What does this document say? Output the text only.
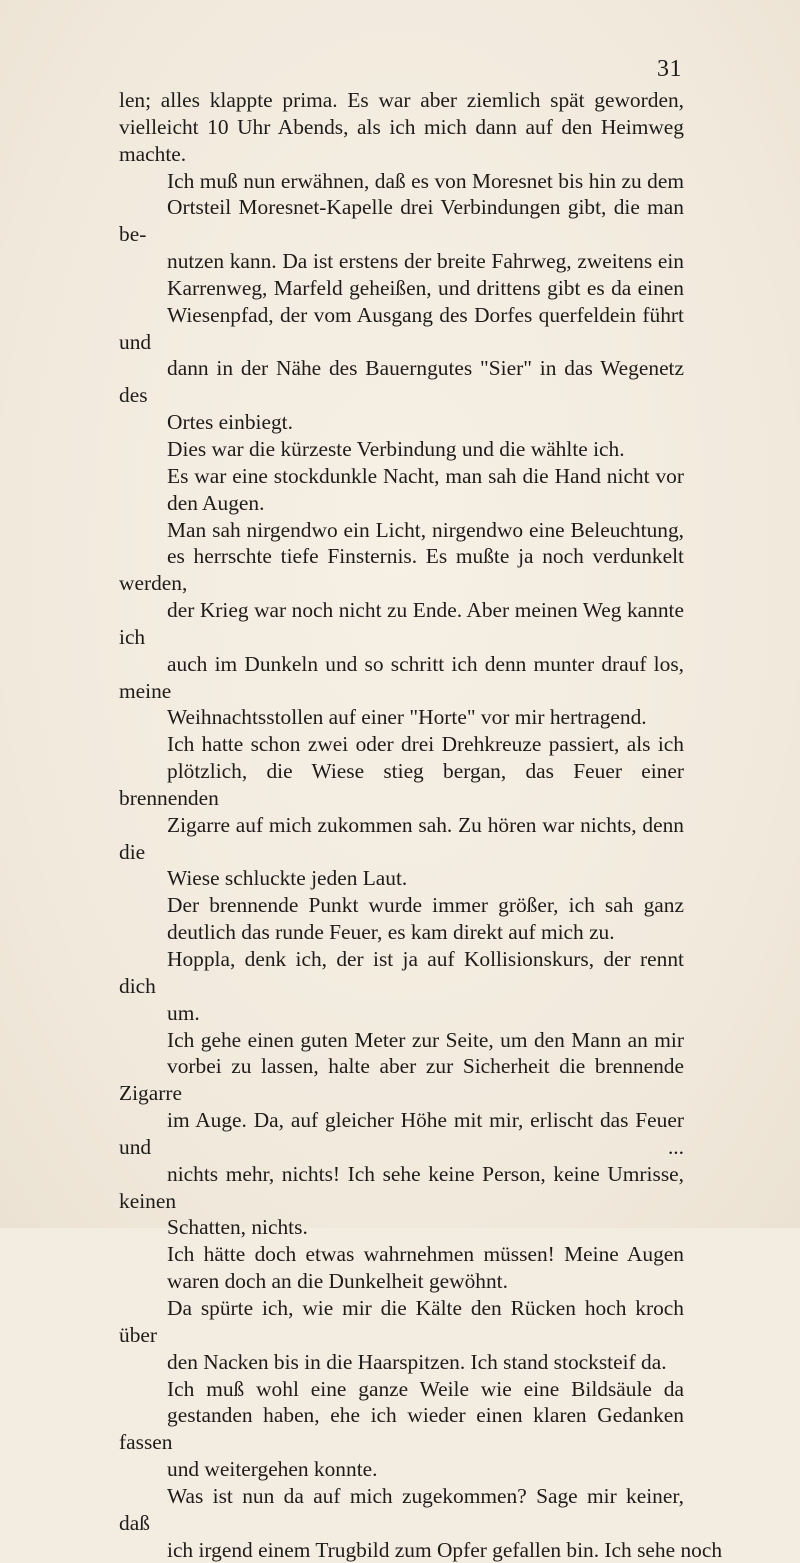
31

len; alles klappte prima. Es war aber ziemlich spät geworden,
vielleicht 10 Uhr Abends, als ich mich dann auf den Heimweg
machte.

Ich muß nun erwähnen, daß es von Moresnet bis hin zu dem
Ortsteil Moresnet-Kapelle drei Verbindungen gibt, die man be-
nutzen kann. Da ist erstens der breite Fahrweg, zweitens ein
Karrenweg, Marfeld geheißen, und drittens gibt es da einen
Wiesenpfad, der vom Ausgang des Dorfes querfeldein führt und
dann in der Nähe des Bauerngutes "Sier" in das Wegenetz des
Ortes einbiegt.

Dies war die kürzeste Verbindung und die wählte ich.

Es war eine stockdunkle Nacht, man sah die Hand nicht vor
den Augen.

Man sah nirgendwo ein Licht, nirgendwo eine Beleuchtung,
es herrschte tiefe Finsternis. Es mußte ja noch verdunkelt werden,
der Krieg war noch nicht zu Ende. Aber meinen Weg kannte ich
auch im Dunkeln und so schritt ich denn munter drauf los, meine
Weihnachtsstollen auf einer "Horte" vor mir hertragend.

Ich hatte schon zwei oder drei Drehkreuze passiert, als ich
plötzlich, die Wiese stieg bergan, das Feuer einer brennenden
Zigarre auf mich zukommen sah. Zu hören war nichts, denn die
Wiese schluckte jeden Laut.

Der brennende Punkt wurde immer größer, ich sah ganz
deutlich das runde Feuer, es kam direkt auf mich zu.

Hoppla, denk ich, der ist ja auf Kollisionskurs, der rennt dich
um.

Ich gehe einen guten Meter zur Seite, um den Mann an mir
vorbei zu lassen, halte aber zur Sicherheit die brennende Zigarre
im Auge. Da, auf gleicher Höhe mit mir, erlischt das Feuer und ...
nichts mehr, nichts! Ich sehe keine Person, keine Umrisse, keinen
Schatten, nichts.

Ich hätte doch etwas wahrnehmen müssen! Meine Augen
waren doch an die Dunkelheit gewöhnt.

Da spürte ich, wie mir die Kälte den Rücken hoch kroch über
den Nacken bis in die Haarspitzen. Ich stand stocksteif da.

Ich muß wohl eine ganze Weile wie eine Bildsäule da
gestanden haben, ehe ich wieder einen klaren Gedanken fassen
und weitergehen konnte.

Was ist nun da auf mich zugekommen? Sage mir keiner, daß
ich irgend einem Trugbild zum Opfer gefallen bin. Ich sehe noch
